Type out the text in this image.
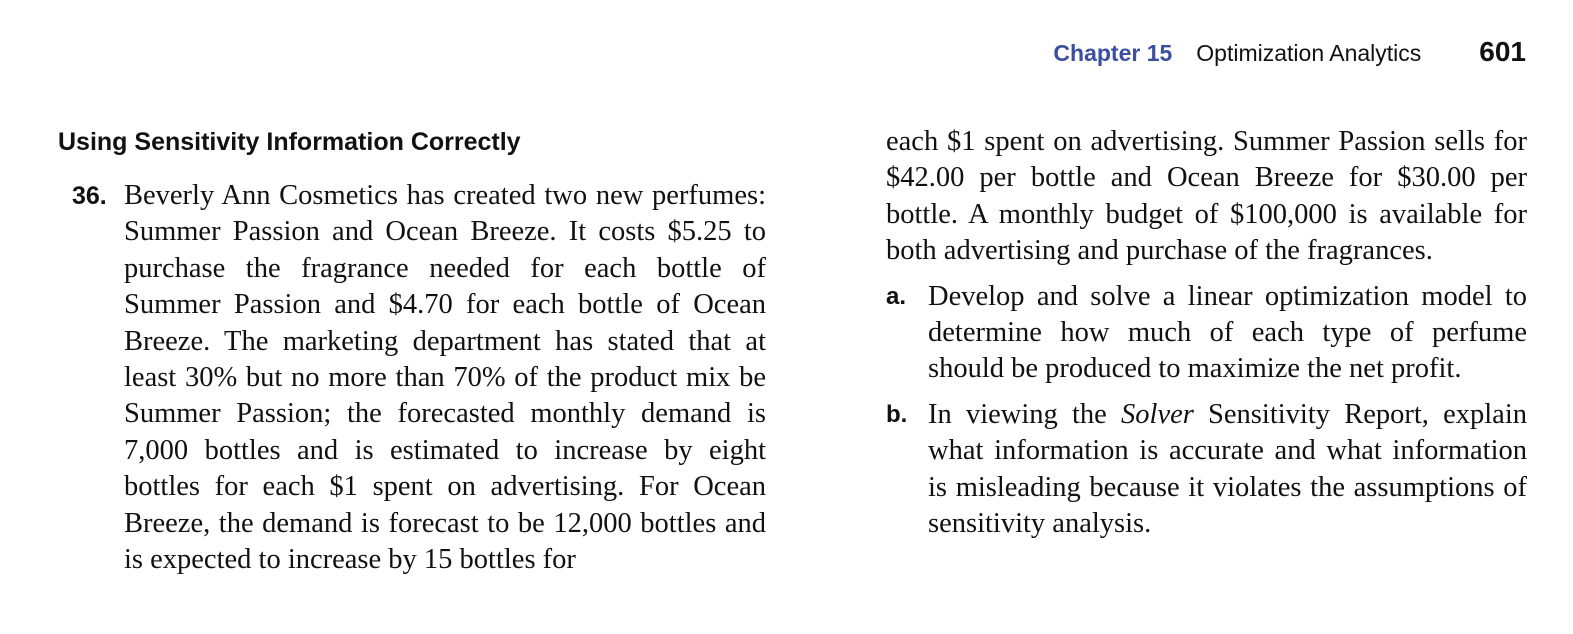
Chapter 15 Optimization Analytics 601
Using Sensitivity Information Correctly
36. Beverly Ann Cosmetics has created two new perfumes: Summer Passion and Ocean Breeze. It costs $5.25 to purchase the fragrance needed for each bottle of Summer Passion and $4.70 for each bottle of Ocean Breeze. The marketing department has stated that at least 30% but no more than 70% of the product mix be Summer Passion; the forecasted monthly demand is 7,000 bottles and is estimated to increase by eight bottles for each $1 spent on advertising. For Ocean Breeze, the demand is forecast to be 12,000 bottles and is expected to increase by 15 bottles for
each $1 spent on advertising. Summer Passion sells for $42.00 per bottle and Ocean Breeze for $30.00 per bottle. A monthly budget of $100,000 is available for both advertising and purchase of the fragrances.
a. Develop and solve a linear optimization model to determine how much of each type of perfume should be produced to maximize the net profit.
b. In viewing the Solver Sensitivity Report, explain what information is accurate and what information is misleading because it violates the assumptions of sensitivity analysis.
